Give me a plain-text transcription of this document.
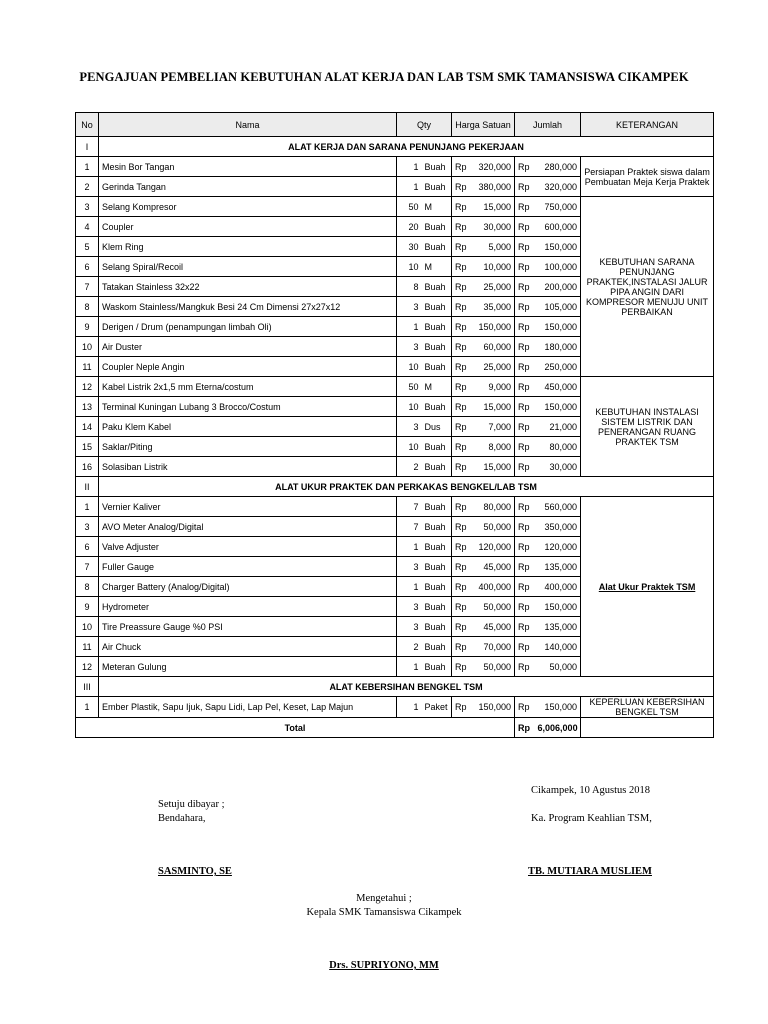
PENGAJUAN PEMBELIAN KEBUTUHAN ALAT KERJA DAN LAB TSM SMK TAMANSISWA CIKAMPEK
No	Nama	Qty		Harga Satuan		Jumlah		KETERANGAN
I	ALAT KERJA DAN SARANA PENUNJANG PEKERJAAN							
1	Mesin Bor Tangan	1	Buah	Rp	320,000	Rp	280,000	Persiapan Praktek siswa dalam Pembuatan Meja Kerja Praktek
2	Gerinda Tangan	1	Buah	Rp	380,000	Rp	320,000	
3	Selang Kompresor	50	M	Rp	15,000	Rp	750,000	KEBUTUHAN SARANA PENUNJANG PRAKTEK,INSTALASI JALUR PIPA ANGIN DARI KOMPRESOR MENUJU UNIT PERBAIKAN
4	Coupler	20	Buah	Rp	30,000	Rp	600,000	
5	Klem Ring	30	Buah	Rp	5,000	Rp	150,000	
6	Selang Spiral/Recoil	10	M	Rp	10,000	Rp	100,000	
7	Tatakan Stainless 32x22	8	Buah	Rp	25,000	Rp	200,000	
8	Waskom Stainless/Mangkuk Besi 24 Cm Dimensi 27x27x12	3	Buah	Rp	35,000	Rp	105,000	
9	Derigen / Drum (penampungan limbah Oli)	1	Buah	Rp	150,000	Rp	150,000	
10	Air Duster	3	Buah	Rp	60,000	Rp	180,000	
11	Coupler Neple Angin	10	Buah	Rp	25,000	Rp	250,000	
12	Kabel Listrik 2x1,5 mm Eterna/costum	50	M	Rp	9,000	Rp	450,000	KEBUTUHAN INSTALASI SISTEM LISTRIK DAN PENERANGAN RUANG PRAKTEK TSM
13	Terminal Kuningan Lubang 3 Brocco/Costum	10	Buah	Rp	15,000	Rp	150,000	
14	Paku Klem Kabel	3	Dus	Rp	7,000	Rp	21,000	
15	Saklar/Piting	10	Buah	Rp	8,000	Rp	80,000	
16	Solasiban Listrik	2	Buah	Rp	15,000	Rp	30,000	
II	ALAT UKUR PRAKTEK DAN PERKAKAS BENGKEL/LAB TSM							
1	Vernier Kaliver	7	Buah	Rp	80,000	Rp	560,000	Alat Ukur Praktek TSM
3	AVO Meter Analog/Digital	7	Buah	Rp	50,000	Rp	350,000	
6	Valve Adjuster	1	Buah	Rp	120,000	Rp	120,000	
7	Fuller Gauge	3	Buah	Rp	45,000	Rp	135,000	
8	Charger Battery (Analog/Digital)	1	Buah	Rp	400,000	Rp	400,000	
9	Hydrometer	3	Buah	Rp	50,000	Rp	150,000	
10	Tire Preassure Gauge %0 PSI	3	Buah	Rp	45,000	Rp	135,000	
11	Air Chuck	2	Buah	Rp	70,000	Rp	140,000	
12	Meteran Gulung	1	Buah	Rp	50,000	Rp	50,000	
III	ALAT KEBERSIHAN BENGKEL TSM							
1	Ember Plastik, Sapu Ijuk, Sapu Lidi, Lap Pel, Keset, Lap Majun	1	Paket	Rp	150,000	Rp	150,000	KEPERLUAN KEBERSIHAN BENGKEL TSM
Total						Rp	6,006,000	
Cikampek, 10 Agustus 2018
Setuju dibayar ;
Bendahara,	Ka. Program Keahlian TSM,
SASMINTO, SE	TB. MUTIARA MUSLIEM
Mengetahui ;
Kepala SMK Tamansiswa Cikampek
Drs. SUPRIYONO, MM
